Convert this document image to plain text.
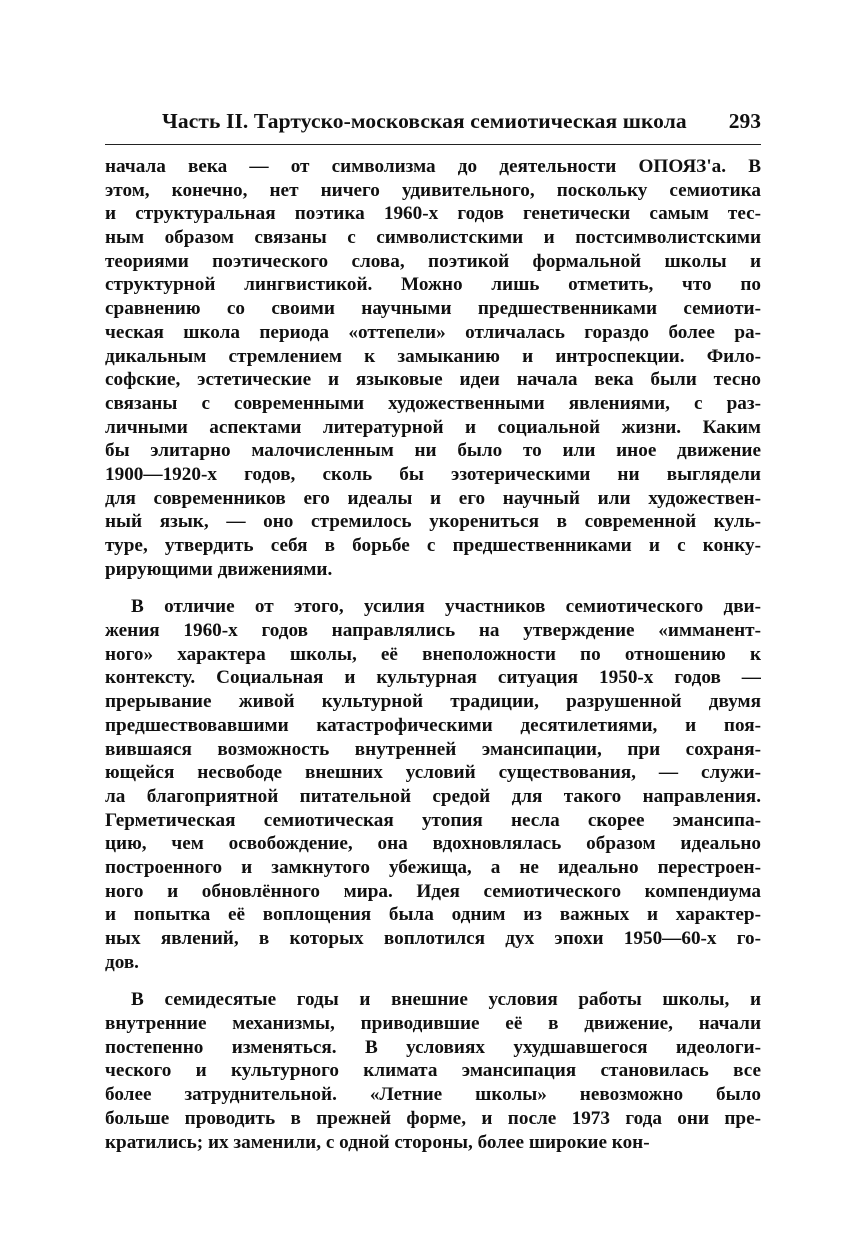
Часть II. Тартуско-московская семиотическая школа 293
начала века — от символизма до деятельности ОПОЯЗ'а. В
этом, конечно, нет ничего удивительного, поскольку семиотика
и структуральная поэтика 1960-х годов генетически самым тес-
ным образом связаны с символистскими и постсимволистскими
теориями поэтического слова, поэтикой формальной школы и
структурной лингвистикой. Можно лишь отметить, что по
сравнению со своими научными предшественниками семиоти-
ческая школа периода «оттепели» отличалась гораздо более ра-
дикальным стремлением к замыканию и интроспекции. Фило-
софские, эстетические и языковые идеи начала века были тесно
связаны с современными художественными явлениями, с раз-
личными аспектами литературной и социальной жизни. Каким
бы элитарно малочисленным ни было то или иное движение
1900—1920-х годов, сколь бы эзотерическими ни выглядели
для современников его идеалы и его научный или художествен-
ный язык, — оно стремилось укорениться в современной куль-
туре, утвердить себя в борьбе с предшественниками и с конку-
рирующими движениями.
В отличие от этого, усилия участников семиотического дви-
жения 1960-х годов направлялись на утверждение «имманент-
ного» характера школы, её внеположности по отношению к
контексту. Социальная и культурная ситуация 1950-х годов —
прерывание живой культурной традиции, разрушенной двумя
предшествовавшими катастрофическими десятилетиями, и поя-
вившаяся возможность внутренней эмансипации, при сохраня-
ющейся несвободе внешних условий существования, — служи-
ла благоприятной питательной средой для такого направления.
Герметическая семиотическая утопия несла скорее эмансипа-
цию, чем освобождение, она вдохновлялась образом идеально
построенного и замкнутого убежища, а не идеально перестроен-
ного и обновлённого мира. Идея семиотического компендиума
и попытка её воплощения была одним из важных и характер-
ных явлений, в которых воплотился дух эпохи 1950—60-х го-
дов.
В семидесятые годы и внешние условия работы школы, и
внутренние механизмы, приводившие её в движение, начали
постепенно изменяться. В условиях ухудшавшегося идеологи-
ческого и культурного климата эмансипация становилась все
более затруднительной. «Летние школы» невозможно было
больше проводить в прежней форме, и после 1973 года они пре-
кратились; их заменили, с одной стороны, более широкие кон-
